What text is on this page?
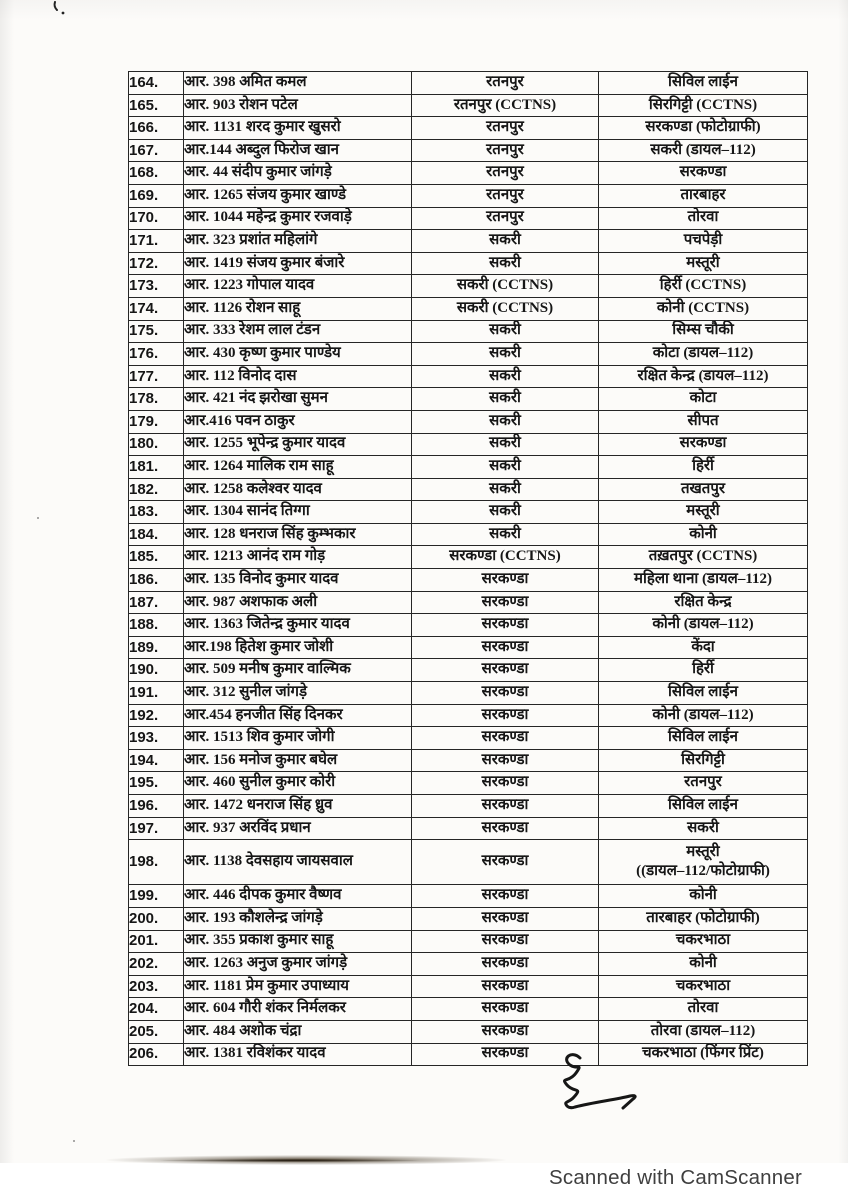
164.	आर. 398 अमित कमल	रतनपुर	सिविल लाईन
165.	आर. 903 रोशन पटेल	रतनपुर (CCTNS)	सिरगिट्टी (CCTNS)
166.	आर. 1131 शरद कुमार खुसरो	रतनपुर	सरकण्डा (फोटोग्राफी)
167.	आर.144 अब्दुल फिरोज खान	रतनपुर	सकरी (डायल–112)
168.	आर. 44 संदीप कुमार जांगड़े	रतनपुर	सरकण्डा
169.	आर. 1265 संजय कुमार खाण्डे	रतनपुर	तारबाहर
170.	आर. 1044 महेन्द्र कुमार रजवाड़े	रतनपुर	तोरवा
171.	आर. 323 प्रशांत महिलांगे	सकरी	पचपेड़ी
172.	आर. 1419 संजय कुमार बंजारे	सकरी	मस्तूरी
173.	आर. 1223 गोपाल यादव	सकरी (CCTNS)	हिर्री (CCTNS)
174.	आर. 1126 रोशन साहू	सकरी (CCTNS)	कोनी (CCTNS)
175.	आर. 333 रेशम लाल टंडन	सकरी	सिम्स चौकी
176.	आर. 430 कृष्ण कुमार पाण्डेय	सकरी	कोटा (डायल–112)
177.	आर. 112 विनोद दास	सकरी	रक्षित केन्द्र (डायल–112)
178.	आर. 421 नंद झरोखा सुमन	सकरी	कोटा
179.	आर.416 पवन ठाकुर	सकरी	सीपत
180.	आर. 1255 भूपेन्द्र कुमार यादव	सकरी	सरकण्डा
181.	आर. 1264 मालिक राम साहू	सकरी	हिर्री
182.	आर. 1258 कलेश्वर यादव	सकरी	तखतपुर
183.	आर. 1304 सानंद तिग्गा	सकरी	मस्तूरी
184.	आर. 128 धनराज सिंह कुम्भकार	सकरी	कोनी
185.	आर. 1213 आनंद राम गोड़	सरकण्डा (CCTNS)	तख़तपुर (CCTNS)
186.	आर. 135 विनोद कुमार यादव	सरकण्डा	महिला थाना (डायल–112)
187.	आर. 987 अशफाक अली	सरकण्डा	रक्षित केन्द्र
188.	आर. 1363 जितेन्द्र कुमार यादव	सरकण्डा	कोनी (डायल–112)
189.	आर.198 हितेश कुमार जोशी	सरकण्डा	केंदा
190.	आर. 509 मनीष कुमार वाल्मिक	सरकण्डा	हिर्री
191.	आर. 312 सुनील जांगड़े	सरकण्डा	सिविल लाईन
192.	आर.454 हनजीत सिंह दिनकर	सरकण्डा	कोनी (डायल–112)
193.	आर. 1513 शिव कुमार जोगी	सरकण्डा	सिविल लाईन
194.	आर. 156 मनोज कुमार बघेल	सरकण्डा	सिरगिट्टी
195.	आर. 460 सुनील कुमार कोरी	सरकण्डा	रतनपुर
196.	आर. 1472 धनराज सिंह ध्रुव	सरकण्डा	सिविल लाईन
197.	आर. 937 अरविंद प्रधान	सरकण्डा	सकरी
198.	आर. 1138 देवसहाय जायसवाल	सरकण्डा	मस्तूरी
((डायल–112/फोटोग्राफी)

199.	आर. 446 दीपक कुमार वैष्णव	सरकण्डा	कोनी
200.	आर. 193 कौशलेन्द्र जांगड़े	सरकण्डा	तारबाहर (फोटोग्राफी)
201.	आर. 355 प्रकाश कुमार साहू	सरकण्डा	चकरभाठा
202.	आर. 1263 अनुज कुमार जांगड़े	सरकण्डा	कोनी
203.	आर. 1181 प्रेम कुमार उपाध्याय	सरकण्डा	चकरभाठा
204.	आर. 604 गौरी शंकर निर्मलकर	सरकण्डा	तोरवा
205.	आर. 484 अशोक चंद्रा	सरकण्डा	तोरवा (डायल–112)
206.	आर. 1381 रविशंकर यादव	सरकण्डा	चकरभाठा (फिंगर प्रिंट)
Scanned with CamScanner
